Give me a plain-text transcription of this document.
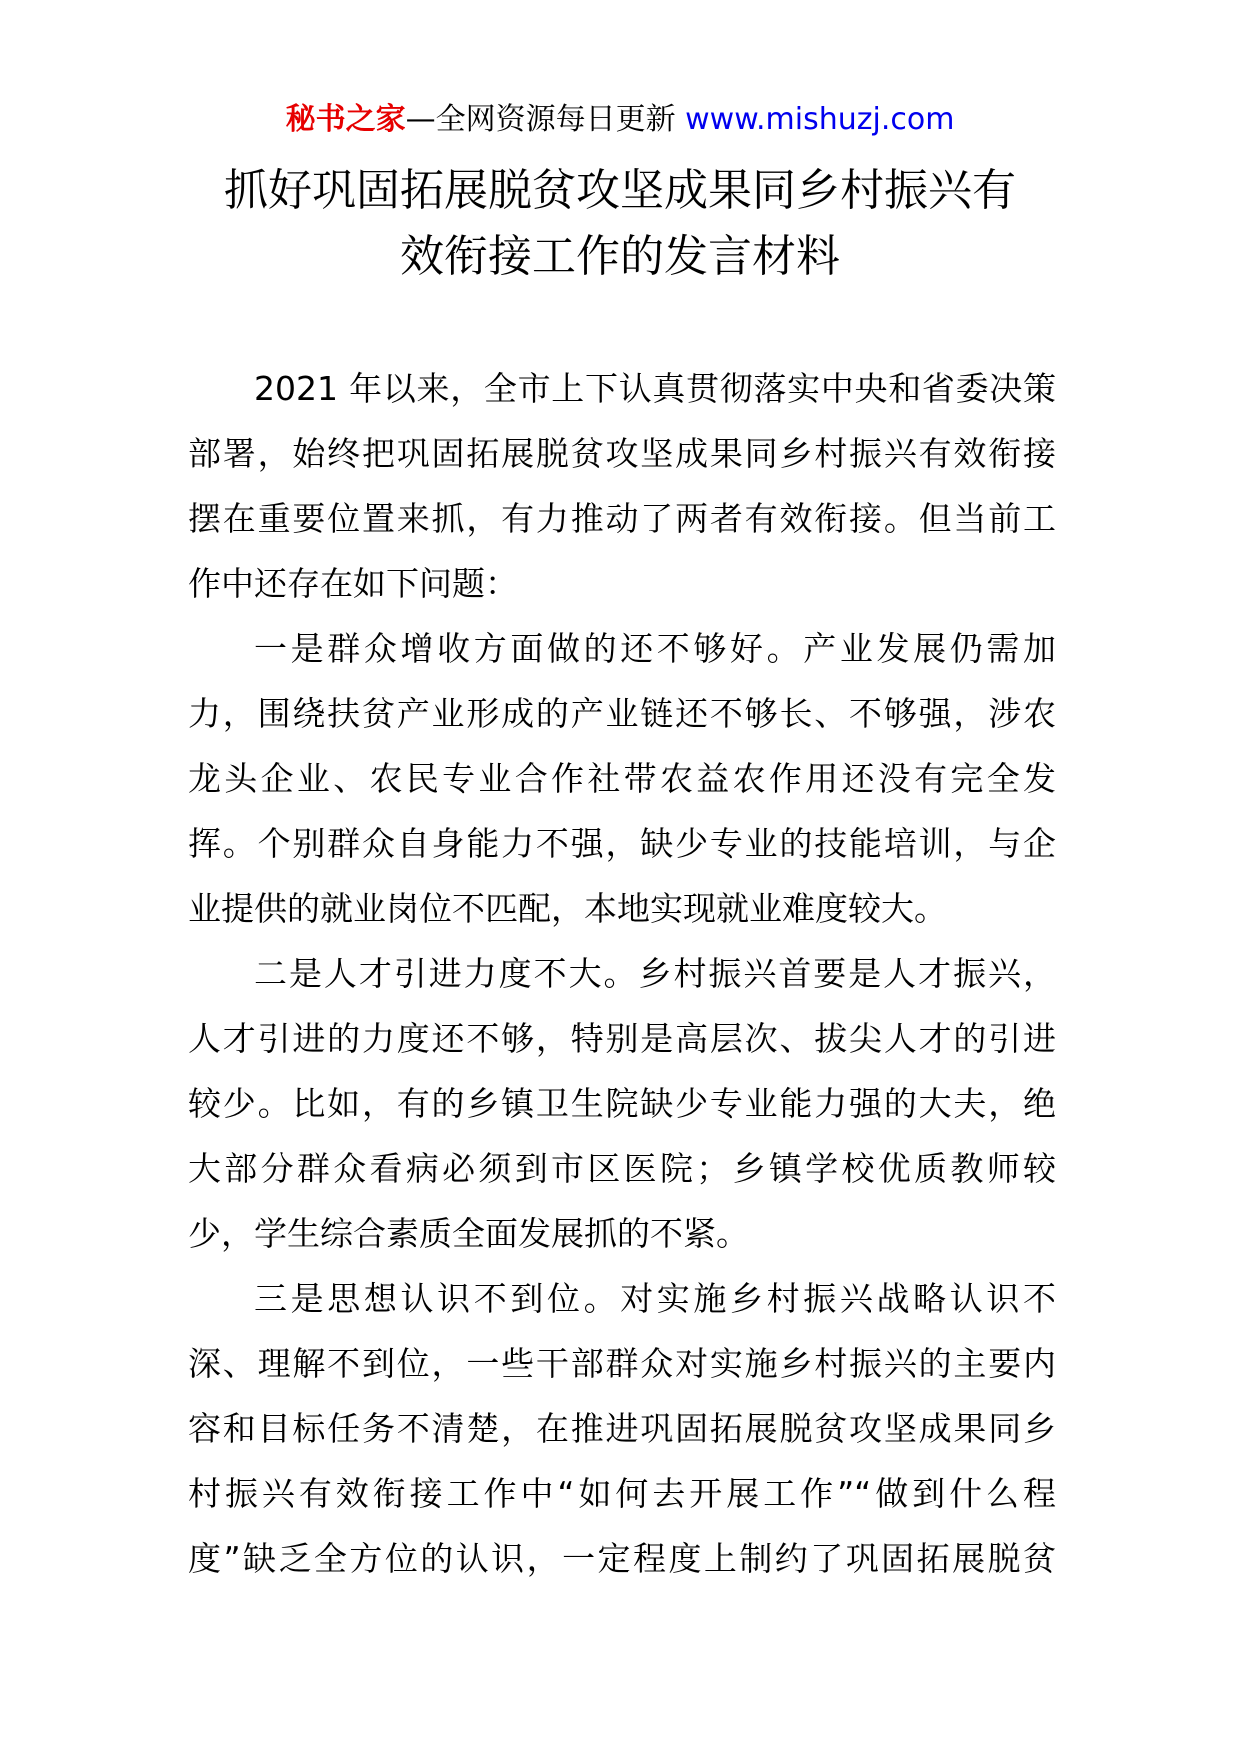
秘书之家—全网资源每日更新 www.mishuzj.com
抓好巩固拓展脱贫攻坚成果同乡村振兴有
效衔接工作的发言材料
2021 年以来，全市上下认真贯彻落实中央和省委决策
部署，始终把巩固拓展脱贫攻坚成果同乡村振兴有效衔接
摆在重要位置来抓，有力推动了两者有效衔接。但当前工
作中还存在如下问题：
一是群众增收方面做的还不够好。产业发展仍需加
力，围绕扶贫产业形成的产业链还不够长、不够强，涉农
龙头企业、农民专业合作社带农益农作用还没有完全发
挥。个别群众自身能力不强，缺少专业的技能培训，与企
业提供的就业岗位不匹配，本地实现就业难度较大。
二是人才引进力度不大。乡村振兴首要是人才振兴，
人才引进的力度还不够，特别是高层次、拔尖人才的引进
较少。比如，有的乡镇卫生院缺少专业能力强的大夫，绝
大部分群众看病必须到市区医院；乡镇学校优质教师较
少，学生综合素质全面发展抓的不紧。
三是思想认识不到位。对实施乡村振兴战略认识不
深、理解不到位，一些干部群众对实施乡村振兴的主要内
容和目标任务不清楚，在推进巩固拓展脱贫攻坚成果同乡
村振兴有效衔接工作中“如何去开展工作”“做到什么程
度”缺乏全方位的认识，一定程度上制约了巩固拓展脱贫
